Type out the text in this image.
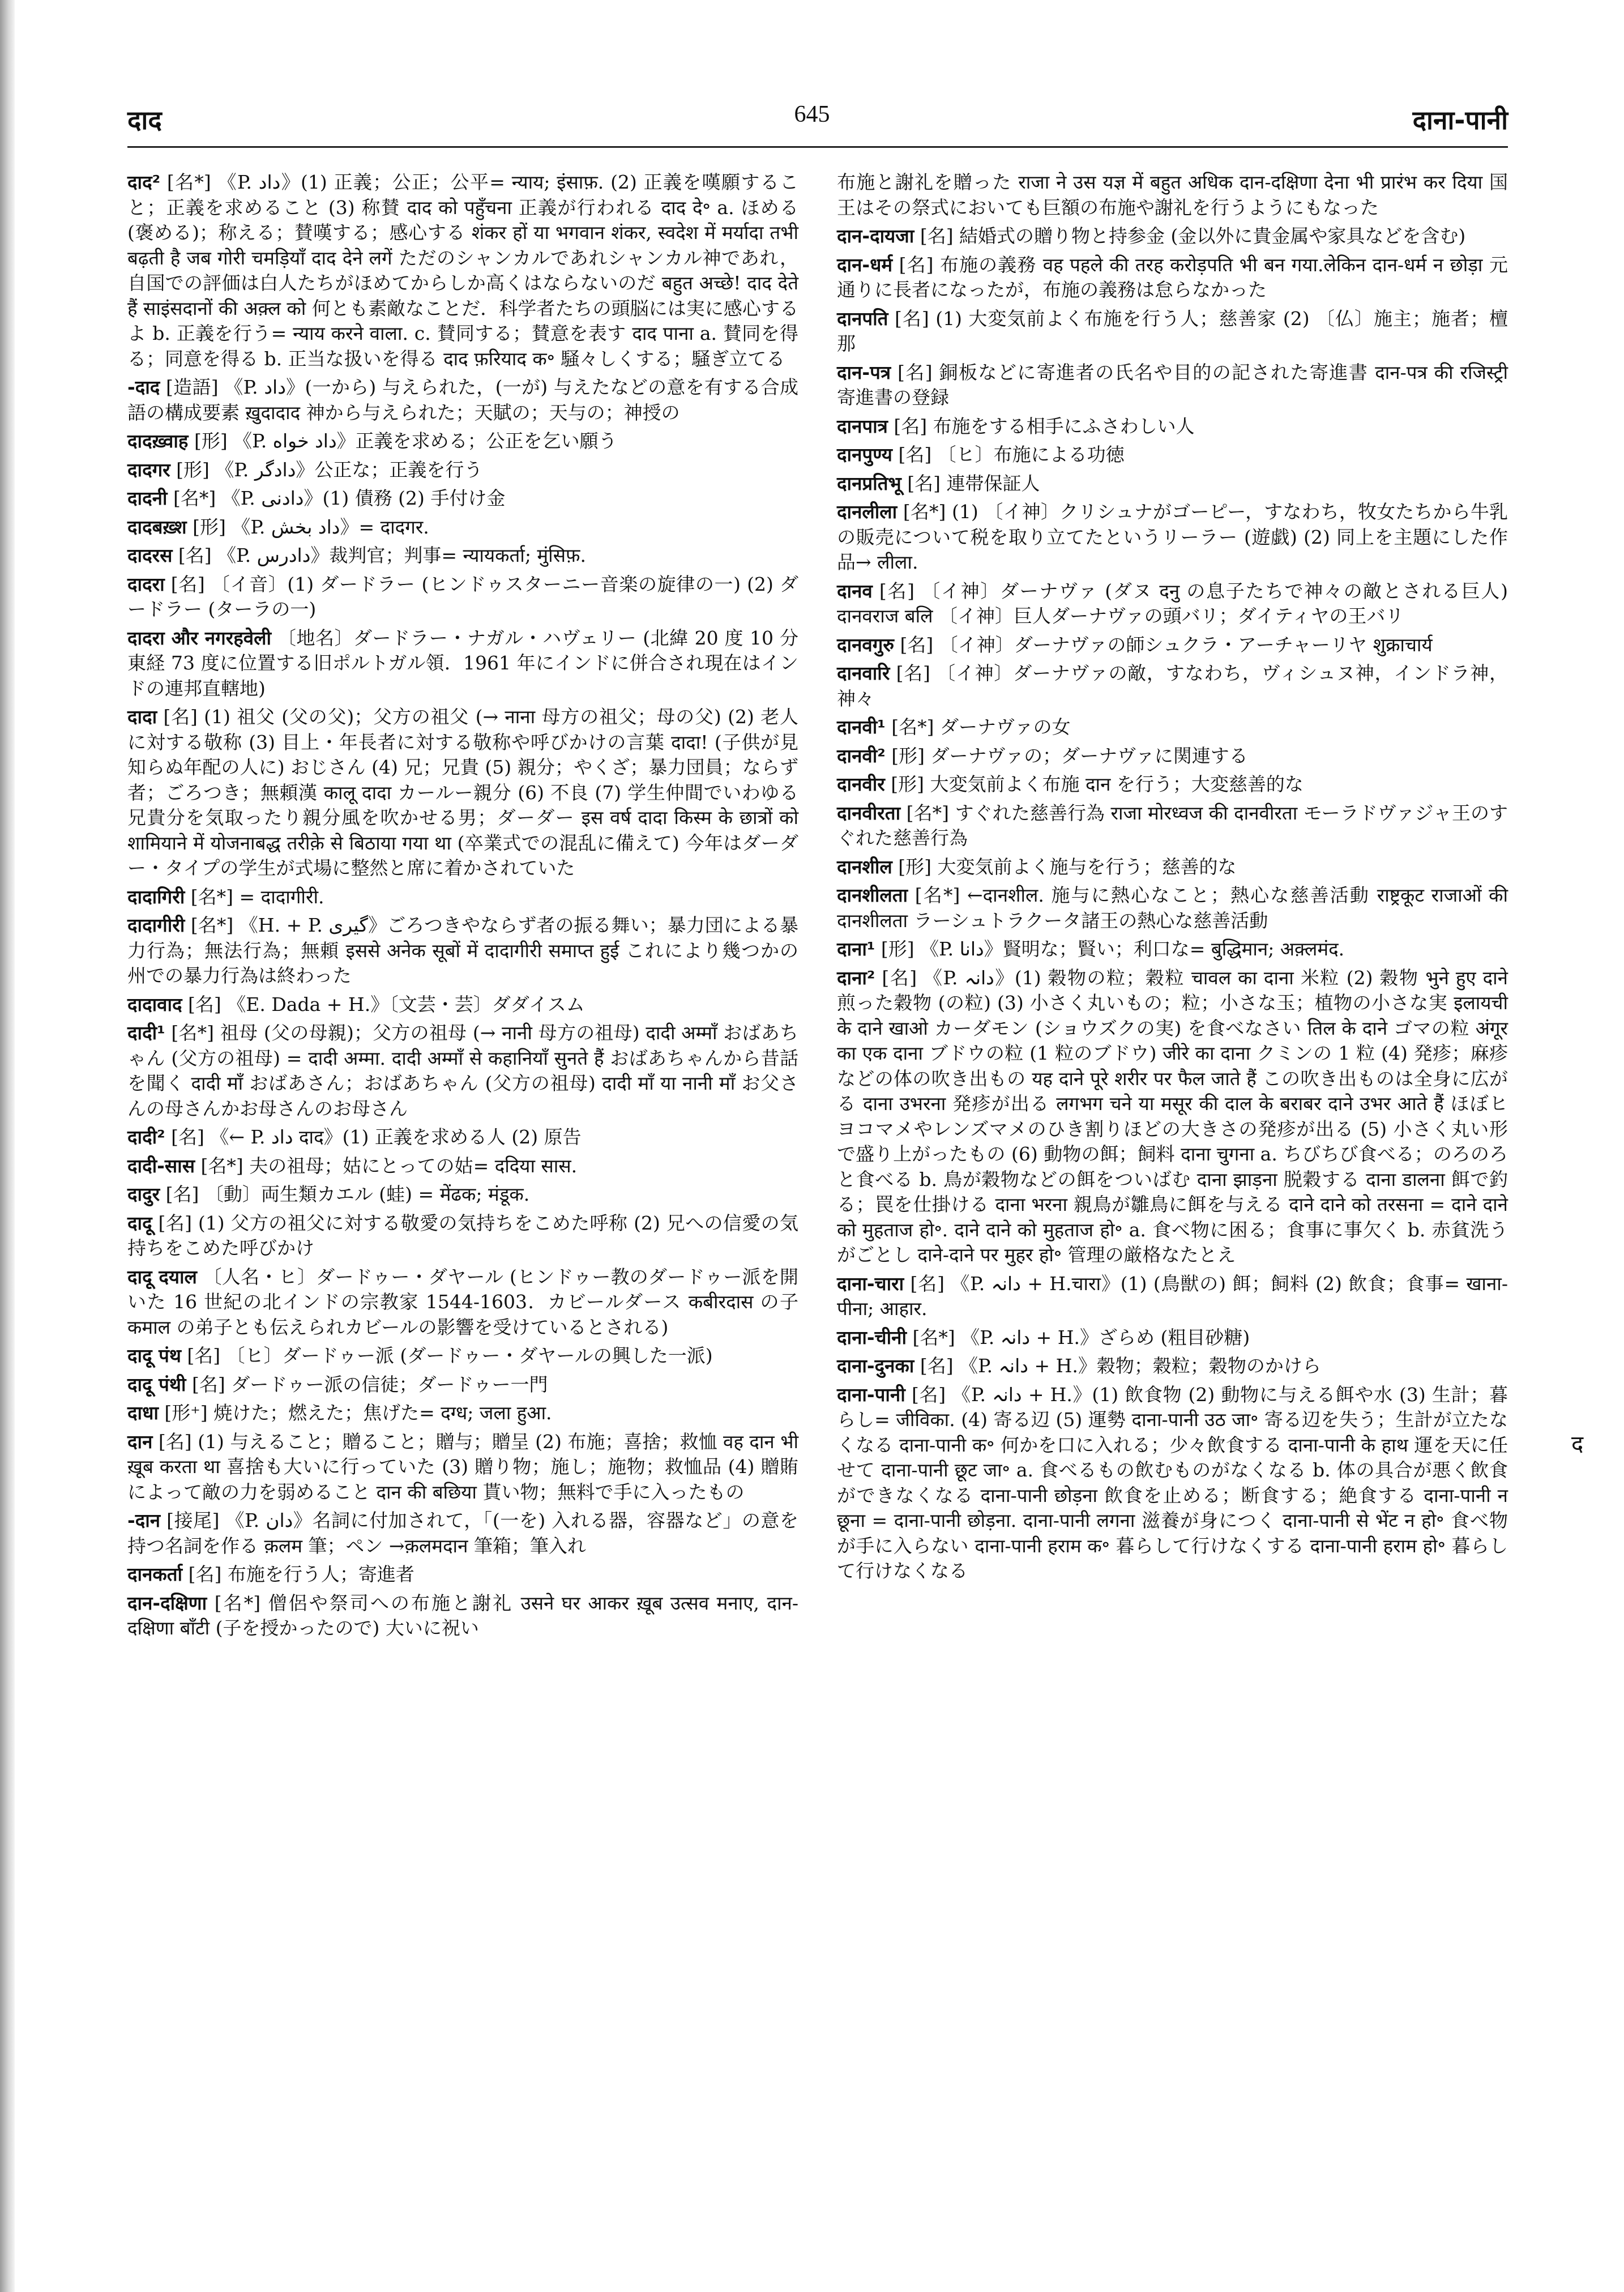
दाद	645	दाना-पानी

दाद² [名*] 《P. داد》(1) 正義；公正；公平= न्याय; इंसाफ़. (2) 正義を嘆願すること；正義を求めること (3) 称賛 दाद को पहुँचना 正義が行われる दाद दे॰ a. ほめる (褒める)；称える；賛嘆する；感心する शंकर हों या भगवान शंकर, स्वदेश में मर्यादा तभी बढ़ती है जब गोरी चमड़ियाँ दाद देने लगें ただのシャンカルであれシャンカル神であれ，自国での評価は白人たちがほめてからしか高くはならないのだ बहुत अच्छे! दाद देते हैं साइंसदानों की अक़्ल को 何とも素敵なことだ．科学者たちの頭脳には実に感心するよ b. 正義を行う= न्याय करने वाला. c. 賛同する；賛意を表す दाद पाना a. 賛同を得る；同意を得る b. 正当な扱いを得る दाद फ़रियाद क॰ 騒々しくする；騒ぎ立てる

-दाद [造語] 《P. داد》(一から) 与えられた，(一が) 与えたなどの意を有する合成語の構成要素 ख़ुदादाद 神から与えられた；天賦の；天与の；神授の

दादख़्वाह [形] 《P. داد خواه》正義を求める；公正を乞い願う

दादगर [形] 《P. دادگر》公正な；正義を行う

दादनी [名*] 《P. دادنی》(1) 債務 (2) 手付け金

दादबख़्श [形] 《P. داد بخش》= दादगर.

दादरस [名] 《P. دادرس》裁判官；判事= न्यायकर्ता; मुंसिफ़.

दादरा [名] 〔イ音〕(1) ダードラー (ヒンドゥスターニー音楽の旋律の一) (2) ダードラー (ターラの一)

दादरा और नगरहवेली 〔地名〕ダードラー・ナガル・ハヴェリー (北緯 20 度 10 分東経 73 度に位置する旧ポルトガル領．1961 年にインドに併合され現在はインドの連邦直轄地)

दादा [名] (1) 祖父 (父の父)；父方の祖父 (→ नाना 母方の祖父；母の父) (2) 老人に対する敬称 (3) 目上・年長者に対する敬称や呼びかけの言葉 दादा! (子供が見知らぬ年配の人に) おじさん (4) 兄；兄貴 (5) 親分；やくざ；暴力団員；ならず者；ごろつき；無頼漢 कालू दादा カールー親分 (6) 不良 (7) 学生仲間でいわゆる兄貴分を気取ったり親分風を吹かせる男；ダーダー इस वर्ष दादा किस्म के छात्रों को शामियाने में योजनाबद्ध तरीक़े से बिठाया गया था (卒業式での混乱に備えて) 今年はダーダー・タイプの学生が式場に整然と席に着かされていた

दादागिरी [名*] = दादागीरी.

दादागीरी [名*] 《H. + P. گیری》ごろつきやならず者の振る舞い；暴力団による暴力行為；無法行為；無頼 इससे अनेक सूबों में दादागीरी समाप्त हुई これにより幾つかの州での暴力行為は終わった

दादावाद [名] 《E. Dada + H.》〔文芸・芸〕ダダイスム

दादी¹ [名*] 祖母 (父の母親)；父方の祖母 (→ नानी 母方の祖母) दादी अम्माँ おばあちゃん (父方の祖母) = दादी अम्मा. दादी अम्माँ से कहानियाँ सुनते हैं おばあちゃんから昔話を聞く दादी माँ おばあさん；おばあちゃん (父方の祖母) दादी माँ या नानी माँ お父さんの母さんかお母さんのお母さん

दादी² [名] 《← P. داد दाद》(1) 正義を求める人 (2) 原告

दादी-सास [名*] 夫の祖母；姑にとっての姑= ददिया सास.

दादुर [名] 〔動〕両生類カエル (蛙) = मेंढक; मंडूक.

दादू [名] (1) 父方の祖父に対する敬愛の気持ちをこめた呼称 (2) 兄への信愛の気持ちをこめた呼びかけ

दादू दयाल 〔人名・ヒ〕ダードゥー・ダヤール (ヒンドゥー教のダードゥー派を開いた 16 世紀の北インドの宗教家 1544-1603．カビールダース कबीरदास の子 कमाल の弟子とも伝えられカビールの影響を受けているとされる)

दादू पंथ [名] 〔ヒ〕ダードゥー派 (ダードゥー・ダヤールの興した一派)

दादू पंथी [名] ダードゥー派の信徒；ダードゥー一門

दाधा [形⁺] 焼けた；燃えた；焦げた= दग्ध; जला हुआ.

दान [名] (1) 与えること；贈ること；贈与；贈呈 (2) 布施；喜捨；救恤 वह दान भी ख़ूब करता था 喜捨も大いに行っていた (3) 贈り物；施し；施物；救恤品 (4) 贈賄によって敵の力を弱めること दान की बछिया 貰い物；無料で手に入ったもの

-दान [接尾] 《P. دان》名詞に付加されて，「(一を) 入れる器，容器など」の意を持つ名詞を作る क़लम 筆；ペン →क़लमदान 筆箱；筆入れ

दानकर्ता [名] 布施を行う人；寄進者

दान-दक्षिणा [名*] 僧侶や祭司への布施と謝礼 उसने घर आकर ख़ूब उत्सव मनाए, दान-दक्षिणा बाँटी (子を授かったので) 大いに祝い

布施と謝礼を贈った राजा ने उस यज्ञ में बहुत अधिक दान-दक्षिणा देना भी प्रारंभ कर दिया 国王はその祭式においても巨額の布施や謝礼を行うようにもなった

दान-दायजा [名] 結婚式の贈り物と持参金 (金以外に貴金属や家具などを含む)

दान-धर्म [名] 布施の義務 वह पहले की तरह करोड़पति भी बन गया.लेकिन दान-धर्म न छोड़ा 元通りに長者になったが，布施の義務は怠らなかった

दानपति [名] (1) 大変気前よく布施を行う人；慈善家 (2) 〔仏〕施主；施者；檀那

दान-पत्र [名] 銅板などに寄進者の氏名や目的の記された寄進書 दान-पत्र की रजिस्ट्री 寄進書の登録

दानपात्र [名] 布施をする相手にふさわしい人

दानपुण्य [名] 〔ヒ〕布施による功徳

दानप्रतिभू [名] 連帯保証人

दानलीला [名*] (1) 〔イ神〕クリシュナがゴーピー，すなわち，牧女たちから牛乳の販売について税を取り立てたというリーラー (遊戯) (2) 同上を主題にした作品→ लीला.

दानव [名] 〔イ神〕ダーナヴァ (ダヌ दनु の息子たちで神々の敵とされる巨人) दानवराज बलि 〔イ神〕巨人ダーナヴァの頭バリ；ダイティヤの王バリ

दानवगुरु [名] 〔イ神〕ダーナヴァの師シュクラ・アーチャーリヤ शुक्राचार्य

दानवारि [名] 〔イ神〕ダーナヴァの敵，すなわち，ヴィシュヌ神，インドラ神，神々

दानवी¹ [名*] ダーナヴァの女

दानवी² [形] ダーナヴァの；ダーナヴァに関連する

दानवीर [形] 大変気前よく布施 दान を行う；大変慈善的な

दानवीरता [名*] すぐれた慈善行為 राजा मोरध्वज की दानवीरता モーラドヴァジャ王のすぐれた慈善行為

दानशील [形] 大変気前よく施与を行う；慈善的な

दानशीलता [名*] ←दानशील. 施与に熱心なこと；熱心な慈善活動 राष्ट्रकूट राजाओं की दानशीलता ラーシュトラクータ諸王の熱心な慈善活動

दाना¹ [形] 《P. دانا》賢明な；賢い；利口な= बुद्धिमान; अक़्लमंद.

दाना² [名] 《P. دانہ》(1) 穀物の粒；穀粒 चावल का दाना 米粒 (2) 穀物 भुने हुए दाने 煎った穀物 (の粒) (3) 小さく丸いもの；粒；小さな玉；植物の小さな実 इलायची के दाने खाओ カーダモン (ショウズクの実) を食べなさい तिल के दाने ゴマの粒 अंगूर का एक दाना ブドウの粒 (1 粒のブドウ) जीरे का दाना クミンの 1 粒 (4) 発疹；麻疹などの体の吹き出もの यह दाने पूरे शरीर पर फैल जाते हैं この吹き出ものは全身に広がる दाना उभरना 発疹が出る लगभग चने या मसूर की दाल के बराबर दाने उभर आते हैं ほぼヒヨコマメやレンズマメのひき割りほどの大きさの発疹が出る (5) 小さく丸い形で盛り上がったもの (6) 動物の餌；飼料 दाना चुगना a. ちびちび食べる；のろのろと食べる b. 鳥が穀物などの餌をついばむ दाना झाड़ना 脱穀する दाना डालना 餌で釣る；罠を仕掛ける दाना भरना 親鳥が雛鳥に餌を与える दाने दाने को तरसना = दाने दाने को मुहताज हो॰. दाने दाने को मुहताज हो॰ a. 食べ物に困る；食事に事欠く b. 赤貧洗うがごとし दाने-दाने पर मुहर हो॰ 管理の厳格なたとえ

दाना-चारा [名] 《P. دانہ + H.चारा》(1) (鳥獣の) 餌；飼料 (2) 飲食；食事= खाना-पीना; आहार.

दाना-चीनी [名*] 《P. دانہ + H.》ざらめ (粗目砂糖)

दाना-दुनका [名] 《P. دانہ + H.》穀物；穀粒；穀物のかけら

दाना-पानी [名] 《P. دانہ + H.》(1) 飲食物 (2) 動物に与える餌や水 (3) 生計；暮らし= जीविका. (4) 寄る辺 (5) 運勢 दाना-पानी उठ जा॰ 寄る辺を失う；生計が立たなくなる दाना-पानी क॰ 何かを口に入れる；少々飲食する दाना-पानी के हाथ 運を天に任せて दाना-पानी छूट जा॰ a. 食べるもの飲むものがなくなる b. 体の具合が悪く飲食ができなくなる दाना-पानी छोड़ना 飲食を止める；断食する；絶食する दाना-पानी न छूना = दाना-पानी छोड़ना. दाना-पानी लगना 滋養が身につく दाना-पानी से भेंट न हो॰ 食べ物が手に入らない दाना-पानी हराम क॰ 暮らして行けなくする दाना-पानी हराम हो॰ 暮らして行けなくなる

द
